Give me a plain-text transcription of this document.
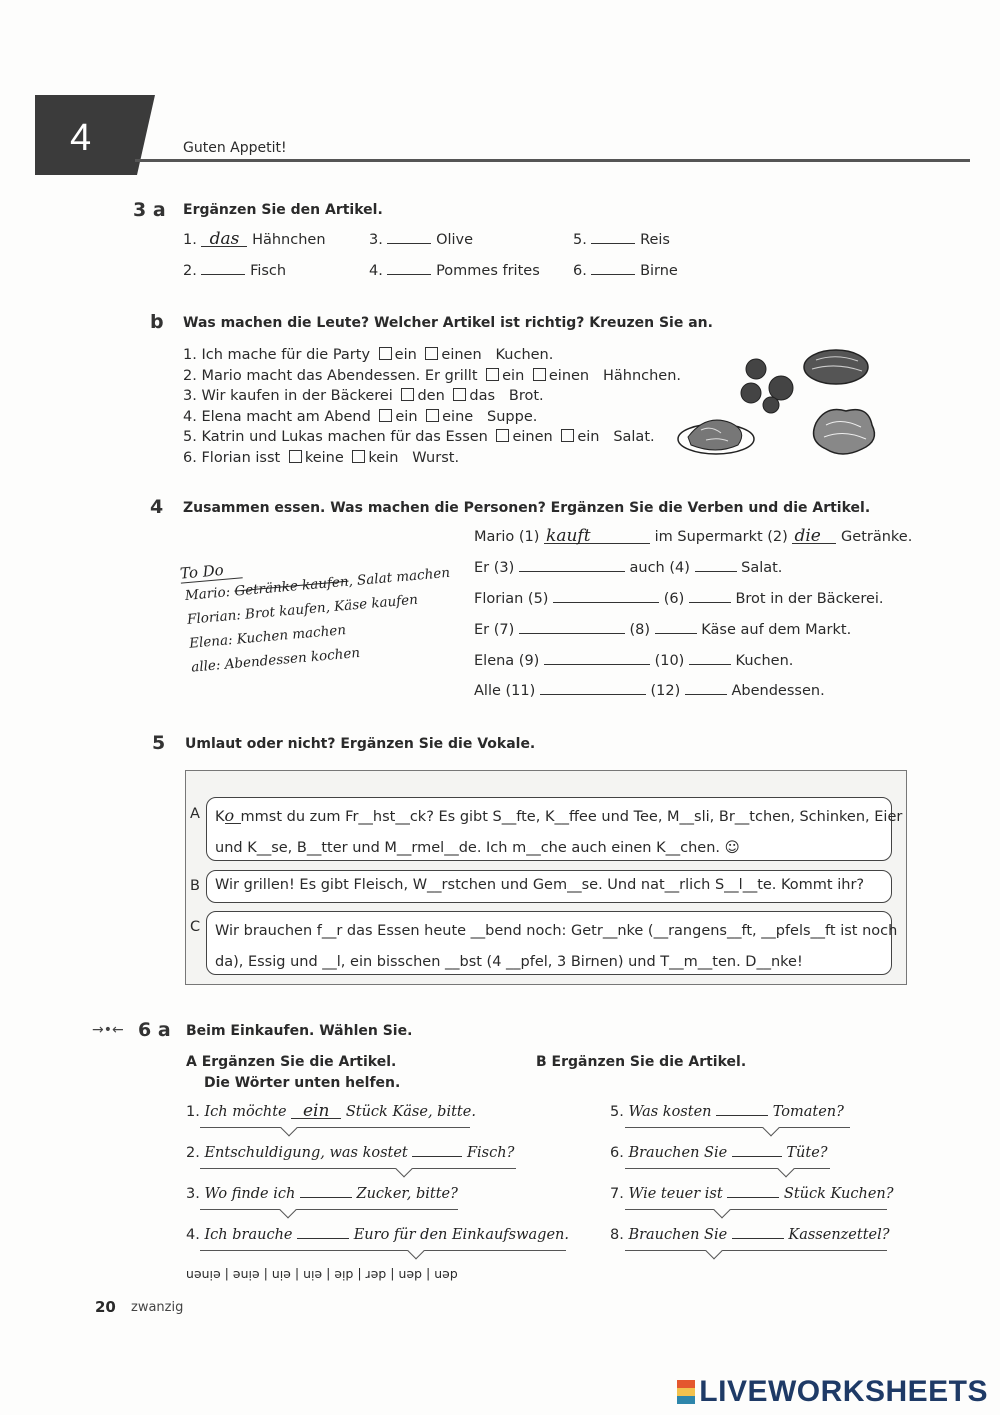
4	Guten Appetit!
3 a Ergänzen Sie den Artikel.
1. das Hähnchen
2.	Fisch
3.	Olive
4.	Pommes frites
5.	Reis
6.	Birne
b Was machen die Leute? Welcher Artikel ist richtig? Kreuzen Sie an.
1. Ich mache für die Party ein einen Kuchen.
2. Mario macht das Abendessen. Er grillt ein einen Hähnchen.
3. Wir kaufen in der Bäckerei den das Brot.
4. Elena macht am Abend ein eine Suppe.
5. Katrin und Lukas machen für das Essen einen ein Salat.
6. Florian isst keine kein Wurst.
4 Zusammen essen. Was machen die Personen? Ergänzen Sie die Verben und die Artikel.
To Do
Mario: Getränke kaufen, Salat machen
Florian: Brot kaufen, Käse kaufen
Elena: Kuchen machen
alle: Abendessen kochen
Mario (1) kauft	im Supermarkt (2) die Getränke.
Er (3)	auch (4)	Salat.
Florian (5)	(6)	Brot in der Bäckerei.
Er (7)	(8)	Käse auf dem Markt.
Elena (9)	(10)	Kuchen.
Alle (11)	(12)	Abendessen.
5 Umlaut oder nicht? Ergänzen Sie die Vokale.
A Ko mmst du zum Fr__hst__ck? Es gibt S__fte, K__ffee und Tee, M__sli, Br__tchen, Schinken, Eier
und K__se, B__tter und M__rmel__de. Ich m__che auch einen K__chen. ☺
B Wir grillen! Es gibt Fleisch, W__rstchen und Gem__se. Und nat__rlich S__l__te. Kommt ihr?
C Wir brauchen f__r das Essen heute __bend noch: Getr__nke (__rangens__ft, __pfels__ft ist noch
da), Essig und __l, ein bisschen __bst (4 __pfel, 3 Birnen) und T__m__ten. D__nke!
→•← 6 a Beim Einkaufen. Wählen Sie.
A Ergänzen Sie die Artikel.
Die Wörter unten helfen.
B Ergänzen Sie die Artikel.
1. Ich möchte ein Stück Käse, bitte.
2. Entschuldigung, was kostet	Fisch?
3. Wo finde ich	Zucker, bitte?
4. Ich brauche	Euro für den Einkaufswagen.
5. Was kosten	Tomaten?
6. Brauchen Sie	Tüte?
7. Wie teuer ist	Stück Kuchen?
8. Brauchen Sie	Kassenzettel?
den | den | der | die | ein | ein | eine | einen
20 zwanzig
LIVEWORKSHEETS
